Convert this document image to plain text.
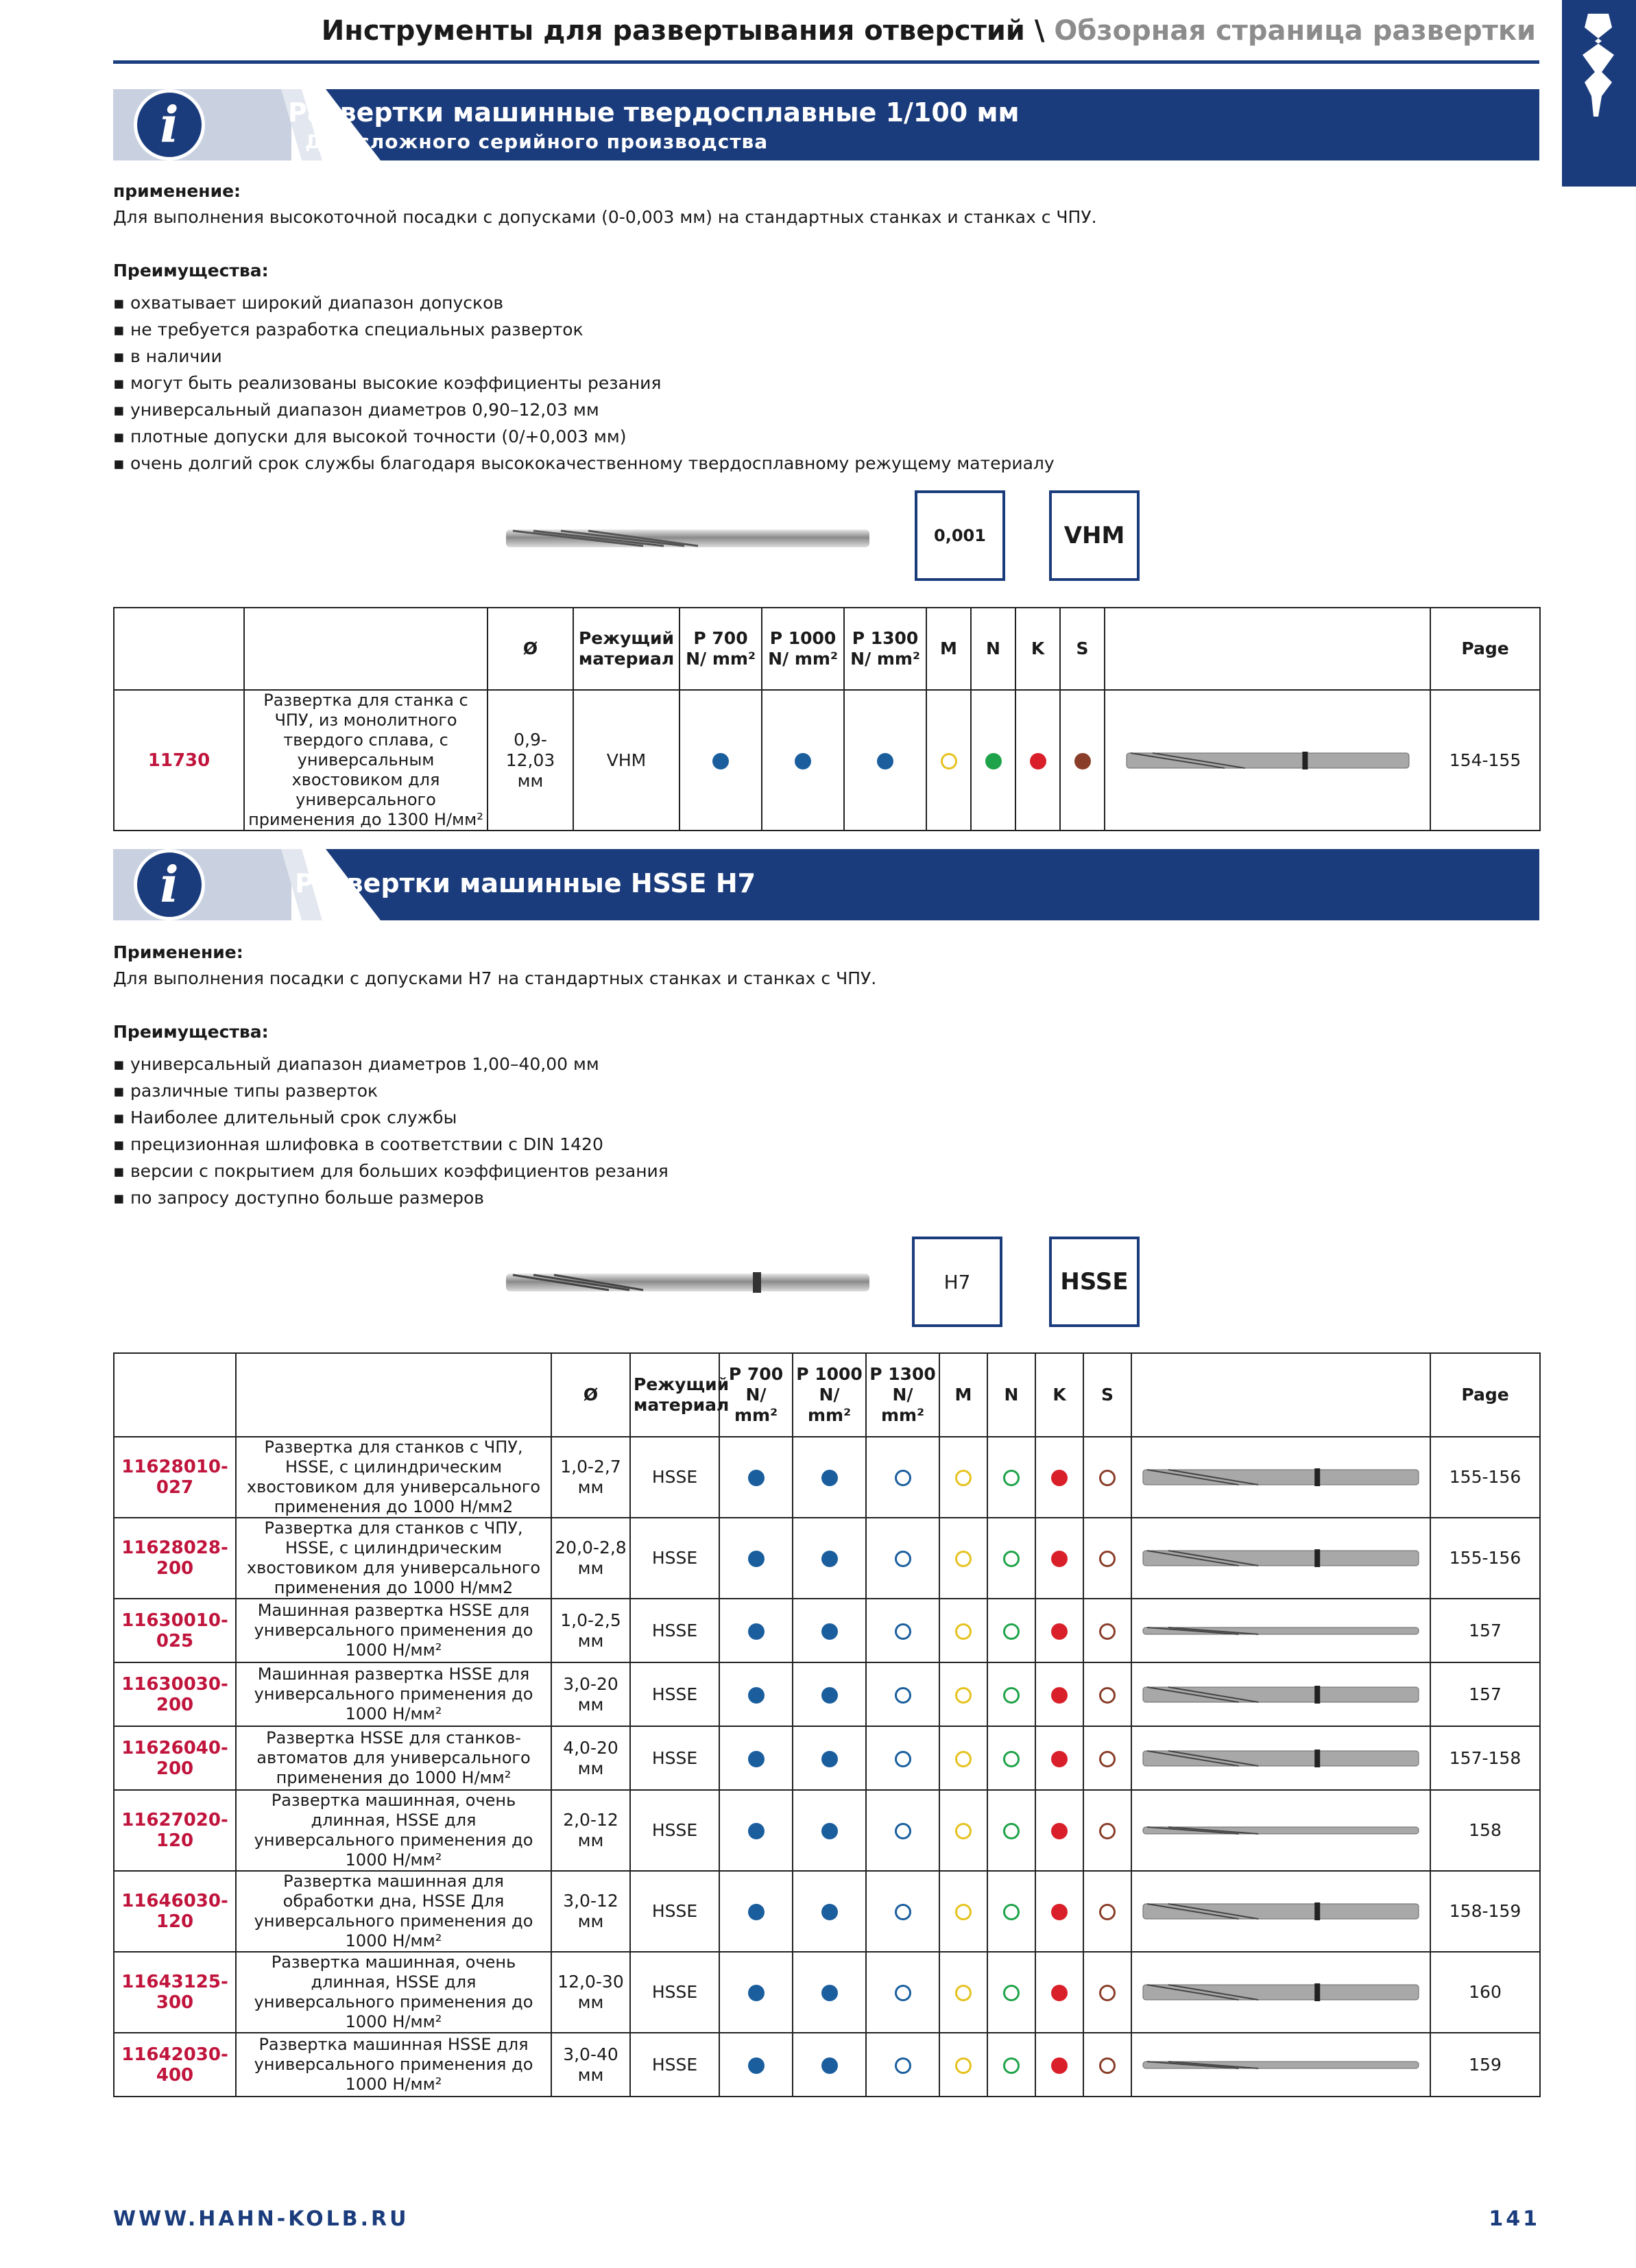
Инструменты для развертывания отверстий \ Обзорная страница развертки
i	Развертки машинные твердосплавные 1/100 мм
Для сложного серийного производства
применение:
Для выполнения высокоточной посадки с допусками (0-0,003 мм) на стандартных станках и станках с ЧПУ.
Преимущества:
▪ охватывает широкий диапазон допусков
▪ не требуется разработка специальных разверток
▪ в наличии
▪ могут быть реализованы высокие коэффициенты резания
▪ универсальный диапазон диаметров 0,90–12,03 мм
▪ плотные допуски для высокой точности (0/+0,003 мм)
▪ очень долгий срок службы благодаря высококачественному твердосплавному режущему материалу
0,001	VHM
		Ø	Режущий материал	P 700 N/ mm²	P 1000 N/ mm²	P 1300 N/ mm²	M	N	K	S		Page
11730	Развертка для станка с ЧПУ, из монолитного твердого сплава, с универсальным хвостовиком для универсального применения до 1300 Н/мм²	0,9-12,03 мм	VHM									154-155
i	Развертки машинные HSSE H7
Применение:
Для выполнения посадки с допусками H7 на стандартных станках и станках с ЧПУ.
Преимущества:
▪ универсальный диапазон диаметров 1,00–40,00 мм
▪ различные типы разверток
▪ Наиболее длительный срок службы
▪ прецизионная шлифовка в соответствии с DIN 1420
▪ версии с покрытием для больших коэффициентов резания
▪ по запросу доступно больше размеров
H7	HSSE
		Ø	Режущий материал	P 700 N/ mm²	P 1000 N/ mm²	P 1300 N/ mm²	M	N	K	S		Page
11628010-027	Развертка для станков с ЧПУ, HSSE, с цилиндрическим хвостовиком для универсального применения до 1000 Н/мм2	1,0-2,7 мм	HSSE									155-156
11628028-200	Развертка для станков с ЧПУ, HSSE, с цилиндрическим хвостовиком для универсального применения до 1000 Н/мм2	20,0-2,8 мм	HSSE									155-156
11630010-025	Машинная развертка HSSE для универсального применения до 1000 Н/мм²	1,0-2,5 мм	HSSE									157
11630030-200	Машинная развертка HSSE для универсального применения до 1000 Н/мм²	3,0-20 мм	HSSE									157
11626040-200	Развертка HSSE для станков-автоматов для универсального применения до 1000 Н/мм²	4,0-20 мм	HSSE									157-158
11627020-120	Развертка машинная, очень длинная, HSSE для универсального применения до 1000 Н/мм²	2,0-12 мм	HSSE									158
11646030-120	Развертка машинная для обработки дна, HSSE Для универсального применения до 1000 Н/мм²	3,0-12 мм	HSSE									158-159
11643125-300	Развертка машинная, очень длинная, HSSE для универсального применения до 1000 Н/мм²	12,0-30 мм	HSSE									160
11642030-400	Развертка машинная HSSE для универсального применения до 1000 Н/мм²	3,0-40 мм	HSSE									159
WWW.HAHN-KOLB.RU	141
